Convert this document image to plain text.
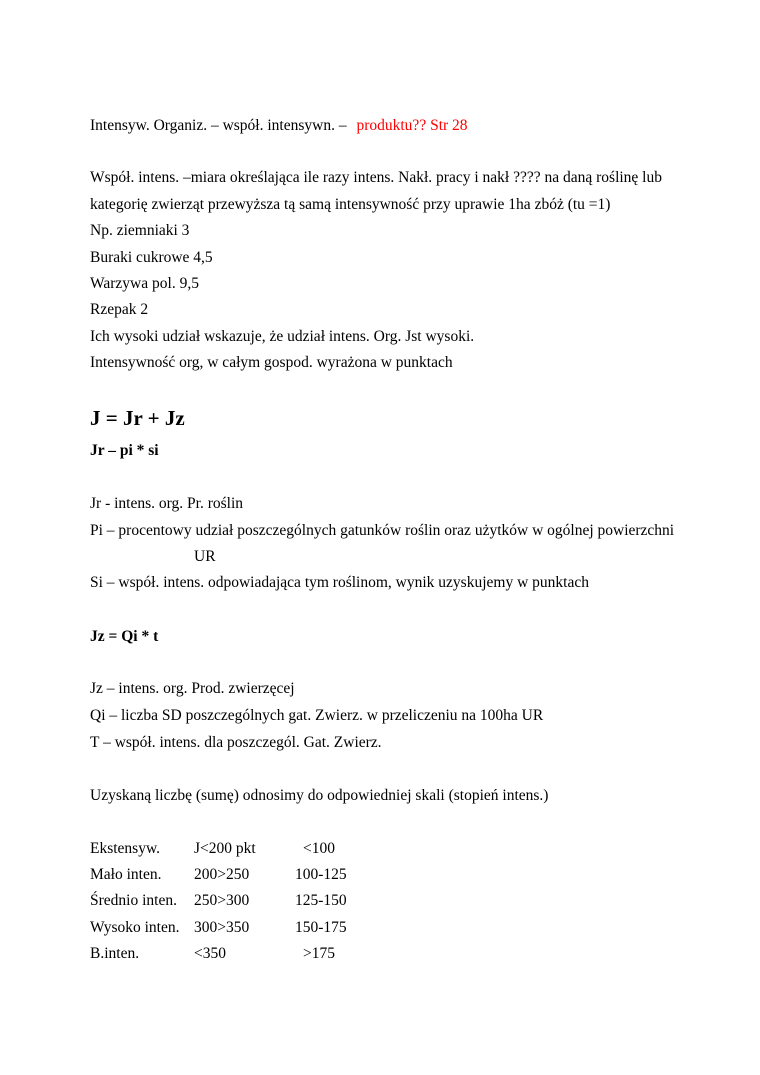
Intensyw. Organiz. – współ. intensywn. – produktu?? Str 28
Współ. intens. –miara określająca ile razy intens. Nakł. pracy i nakł ???? na daną roślinę lub
kategorię zwierząt przewyższa tą samą intensywność przy uprawie 1ha zbóż (tu =1)
Np. ziemniaki 3
Buraki cukrowe 4,5
Warzywa pol. 9,5
Rzepak 2
Ich wysoki udział wskazuje, że udział intens. Org. Jst wysoki.
Intensywność org, w całym gospod. wyrażona w punktach
J = Jr + Jz
Jr – pi * si
Jr - intens. org. Pr. roślin
Pi – procentowy udział poszczególnych gatunków roślin oraz użytków w ogólnej powierzchni
UR
Si – współ. intens. odpowiadająca tym roślinom, wynik uzyskujemy w punktach
Jz = Qi * t
Jz – intens. org. Prod. zwierzęcej
Qi – liczba SD poszczególnych gat. Zwierz. w przeliczeniu na 100ha UR
T – współ. intens. dla poszczegól. Gat. Zwierz.
Uzyskaną liczbę (sumę) odnosimy do odpowiedniej skali (stopień intens.)
Ekstensyw. J<200 pkt	<100
Mało inten. 200>250	100-125
Średnio inten. 250>300	125-150
Wysoko inten. 300>350	150-175
B.inten.	<350	>175
